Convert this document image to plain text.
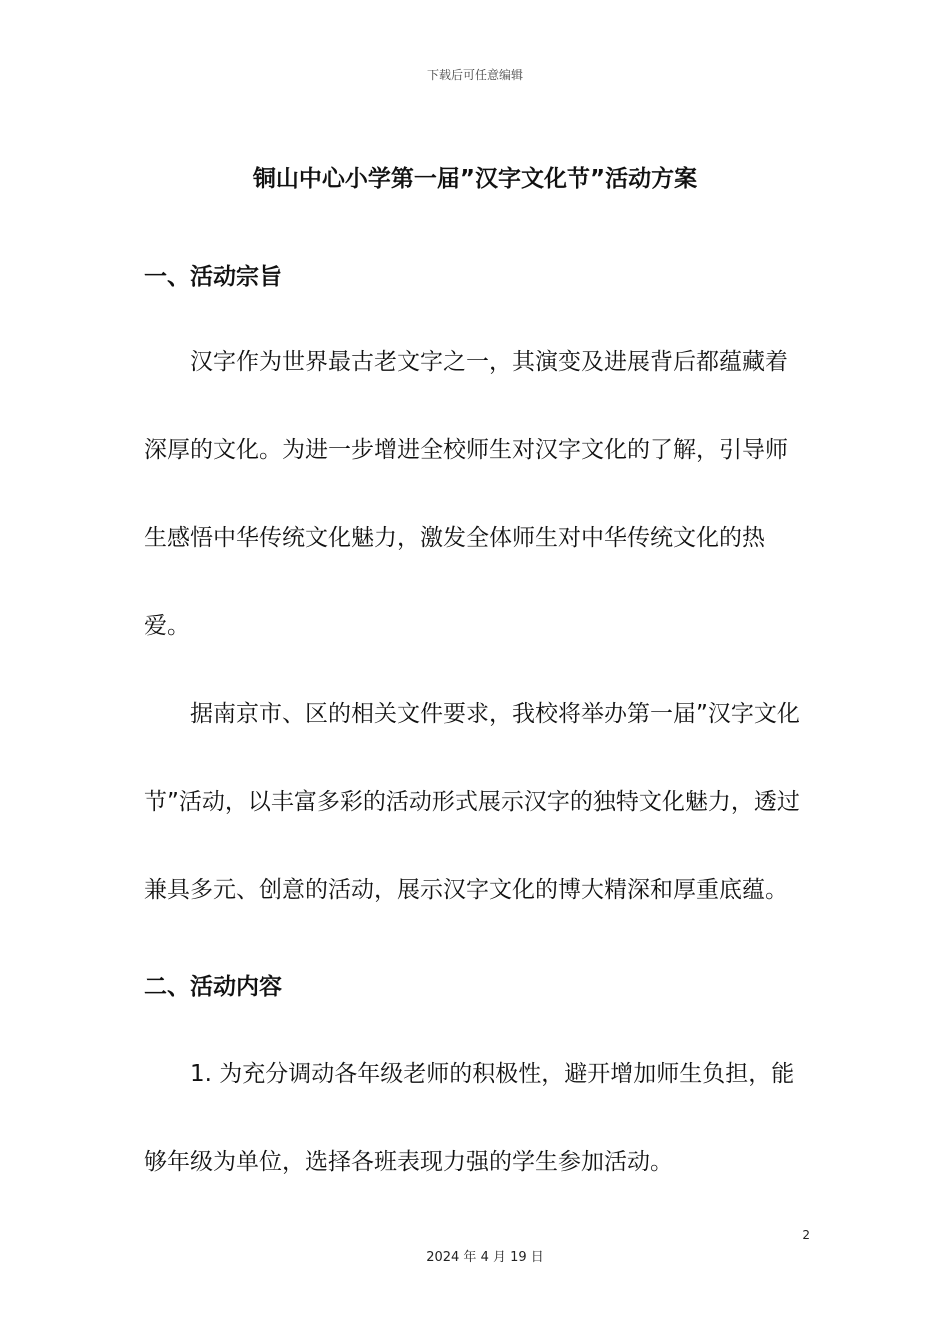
下载后可任意编辑
铜山中心小学第一届”汉字文化节”活动方案
一、活动宗旨
汉字作为世界最古老文字之一，其演变及进展背后都蕴藏着
深厚的文化。为进一步增进全校师生对汉字文化的了解，引导师
生感悟中华传统文化魅力，激发全体师生对中华传统文化的热
爱。
据南京市、区的相关文件要求，我校将举办第一届”汉字文化
节”活动，以丰富多彩的活动形式展示汉字的独特文化魅力，透过
兼具多元、创意的活动，展示汉字文化的博大精深和厚重底蕴。
二、活动内容
1. 为充分调动各年级老师的积极性，避开增加师生负担，能
够年级为单位，选择各班表现力强的学生参加活动。
2
2024 年 4 月 19 日
